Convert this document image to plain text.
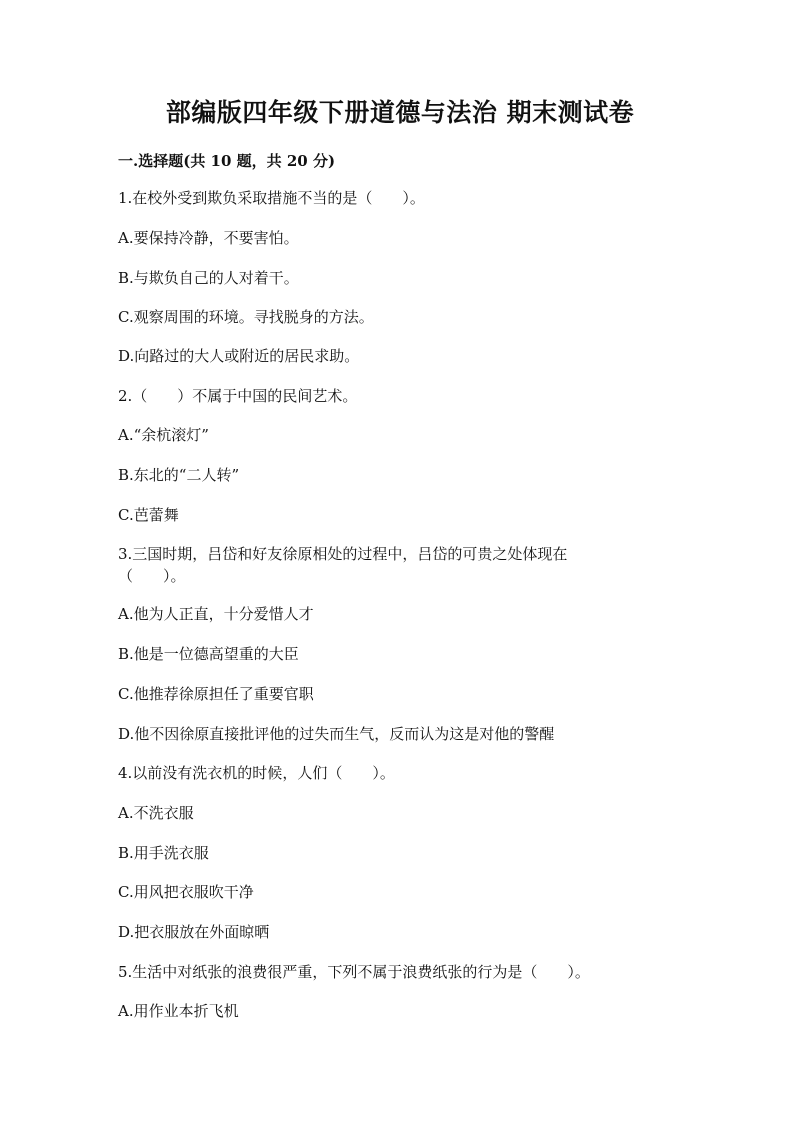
部编版四年级下册道德与法治 期末测试卷
一.选择题(共 10 题，共 20 分)
1.在校外受到欺负采取措施不当的是（　　）。
A.要保持冷静，不要害怕。
B.与欺负自己的人对着干。
C.观察周围的环境。寻找脱身的方法。
D.向路过的大人或附近的居民求助。
2.（　　）不属于中国的民间艺术。
A.“余杭滚灯”
B.东北的“二人转”
C.芭蕾舞
3.三国时期，吕岱和好友徐原相处的过程中，吕岱的可贵之处体现在（　　）。
A.他为人正直，十分爱惜人才
B.他是一位德高望重的大臣
C.他推荐徐原担任了重要官职
D.他不因徐原直接批评他的过失而生气，反而认为这是对他的警醒
4.以前没有洗衣机的时候，人们（　　）。
A.不洗衣服
B.用手洗衣服
C.用风把衣服吹干净
D.把衣服放在外面晾晒
5.生活中对纸张的浪费很严重，下列不属于浪费纸张的行为是（　　）。
A.用作业本折飞机
